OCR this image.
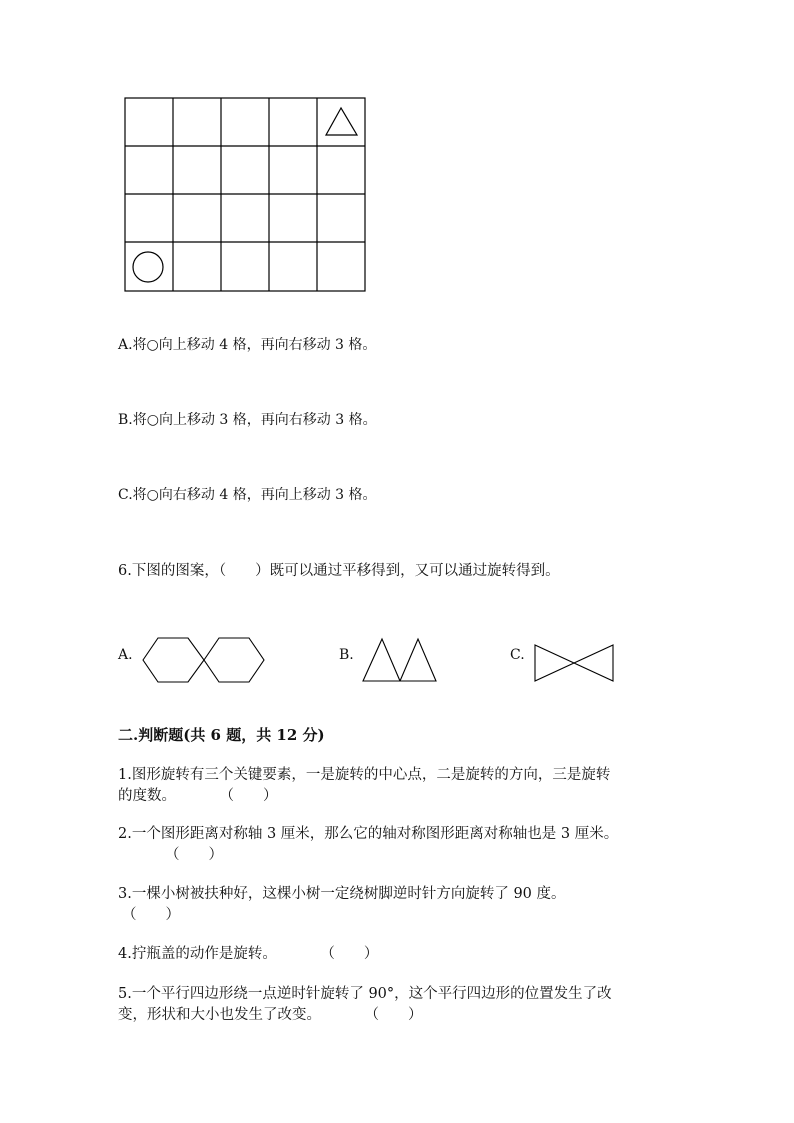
A.将○向上移动 4 格，再向右移动 3 格。
B.将○向上移动 3 格，再向右移动 3 格。
C.将○向右移动 4 格，再向上移动 3 格。
6.下图的图案，（　　）既可以通过平移得到，又可以通过旋转得到。
A.	B.	C.
二.判断题(共 6 题，共 12 分)
1.图形旋转有三个关键要素，一是旋转的中心点，二是旋转的方向，三是旋转
的度数。　　　　（　　）
2.一个图形距离对称轴 3 厘米，那么它的轴对称图形距离对称轴也是 3 厘米。
（　　）
3.一棵小树被扶种好，这棵小树一定绕树脚逆时针方向旋转了 90 度。
（　　）
4.拧瓶盖的动作是旋转。　　　　（　　）
5.一个平行四边形绕一点逆时针旋转了 90°，这个平行四边形的位置发生了改
变，形状和大小也发生了改变。　　　　（　　）
